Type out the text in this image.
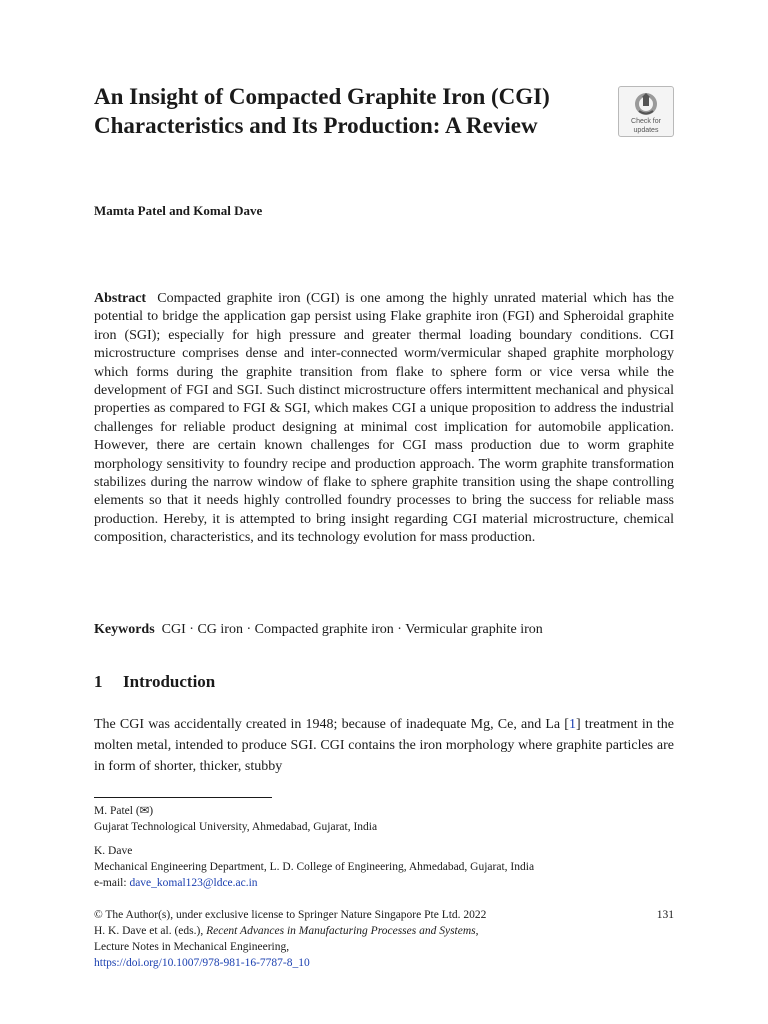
An Insight of Compacted Graphite Iron (CGI) Characteristics and Its Production: A Review	Check for
updates
Mamta Patel and Komal Dave

Abstract Compacted graphite iron (CGI) is one among the highly unrated material which has the potential to bridge the application gap persist using Flake graphite iron (FGI) and Spheroidal graphite iron (SGI); especially for high pressure and greater thermal loading boundary conditions. CGI microstructure comprises dense and inter-connected worm/vermicular shaped graphite morphology which forms during the graphite transition from flake to sphere form or vice versa while the development of FGI and SGI. Such distinct microstructure offers intermittent mechanical and physical properties as compared to FGI & SGI, which makes CGI a unique proposition to address the industrial challenges for reliable product designing at minimal cost implication for automobile application. However, there are certain known challenges for CGI mass production due to worm graphite morphology sensitivity to foundry recipe and production approach. The worm graphite transformation stabilizes during the narrow window of flake to sphere graphite transition using the shape controlling elements so that it needs highly controlled foundry processes to bring the success for reliable mass production. Hereby, it is attempted to bring insight regarding CGI material microstructure, chemical composition, characteristics, and its technology evolution for mass production.

Keywords CGI · CG iron · Compacted graphite iron · Vermicular graphite iron
1 Introduction

The CGI was accidentally created in 1948; because of inadequate Mg, Ce, and La [1] treatment in the molten metal, intended to produce SGI. CGI contains the iron morphology where graphite particles are in form of shorter, thicker, stubby

M. Patel (✉)
Gujarat Technological University, Ahmedabad, Gujarat, India
K. Dave
Mechanical Engineering Department, L. D. College of Engineering, Ahmedabad, Gujarat, India
e-mail: dave_komal123@ldce.ac.in
131
© The Author(s), under exclusive license to Springer Nature Singapore Pte Ltd. 2022
H. K. Dave et al. (eds.), Recent Advances in Manufacturing Processes and Systems,
Lecture Notes in Mechanical Engineering,
https://doi.org/10.1007/978-981-16-7787-8_10
